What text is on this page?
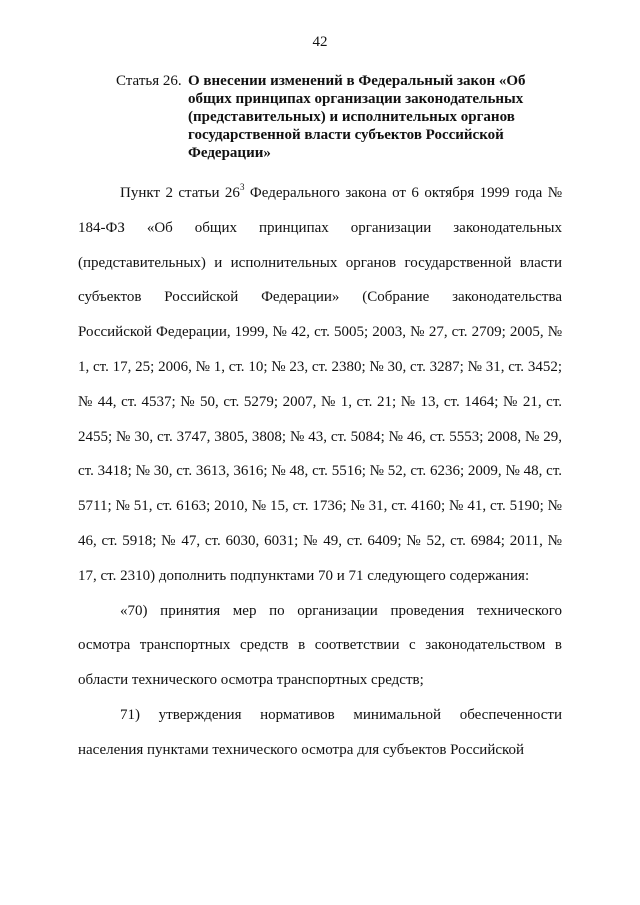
42
Статья 26. О внесении изменений в Федеральный закон «Об общих принципах организации законодательных (представительных) и исполнительных органов государственной власти субъектов Российской Федерации»

Пункт 2 статьи $26^3$ Федерального закона от 6 октября 1999 года № 184-ФЗ «Об общих принципах организации законодательных (представительных) и исполнительных органов государственной власти субъектов Российской Федерации» (Собрание законодательства Российской Федерации, 1999, № 42, ст. 5005; 2003, № 27, ст. 2709; 2005, № 1, ст. 17, 25; 2006, № 1, ст. 10; № 23, ст. 2380; № 30, ст. 3287; № 31, ст. 3452; № 44, ст. 4537; № 50, ст. 5279; 2007, № 1, ст. 21; № 13, ст. 1464; № 21, ст. 2455; № 30, ст. 3747, 3805, 3808; № 43, ст. 5084; № 46, ст. 5553; 2008, № 29, ст. 3418; № 30, ст. 3613, 3616; № 48, ст. 5516; № 52, ст. 6236; 2009, № 48, ст. 5711; № 51, ст. 6163; 2010, № 15, ст. 1736; № 31, ст. 4160; № 41, ст. 5190; № 46, ст. 5918; № 47, ст. 6030, 6031; № 49, ст. 6409; № 52, ст. 6984; 2011, № 17, ст. 2310) дополнить подпунктами 70 и 71 следующего содержания:

«70) принятия мер по организации проведения технического осмотра транспортных средств в соответствии с законодательством в области технического осмотра транспортных средств;

71) утверждения нормативов минимальной обеспеченности населения пунктами технического осмотра для субъектов Российской
